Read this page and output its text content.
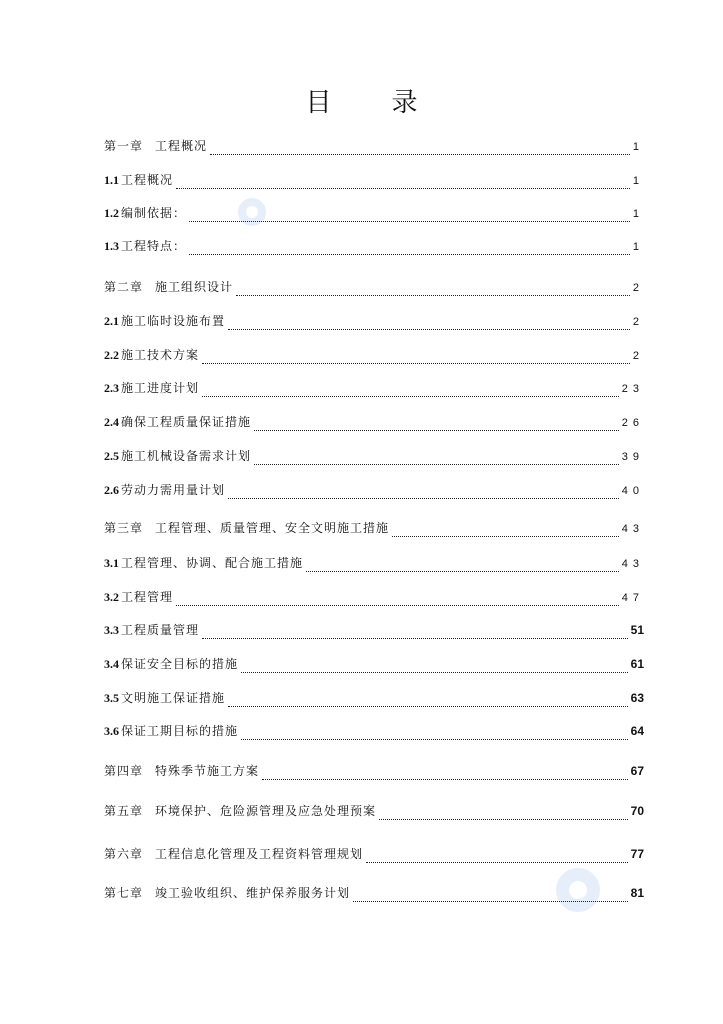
目 录
第一章 工程概况	1
1.1 工程概况	1
1.2 编制依据：	1
1.3 工程特点：	1
第二章 施工组织设计	2
2.1 施工临时设施布置	2
2.2 施工技术方案	2
2.3 施工进度计划	23
2.4 确保工程质量保证措施	26
2.5 施工机械设备需求计划	39
2.6 劳动力需用量计划	40
第三章 工程管理、质量管理、安全文明施工措施	43
3.1 工程管理、协调、配合施工措施	43
3.2 工程管理	47
3.3 工程质量管理	51
3.4 保证安全目标的措施	61
3.5 文明施工保证措施	63
3.6 保证工期目标的措施	64
第四章 特殊季节施工方案	67
第五章 环境保护、危险源管理及应急处理预案	70
第六章 工程信息化管理及工程资料管理规划	77
第七章 竣工验收组织、维护保养服务计划	81
